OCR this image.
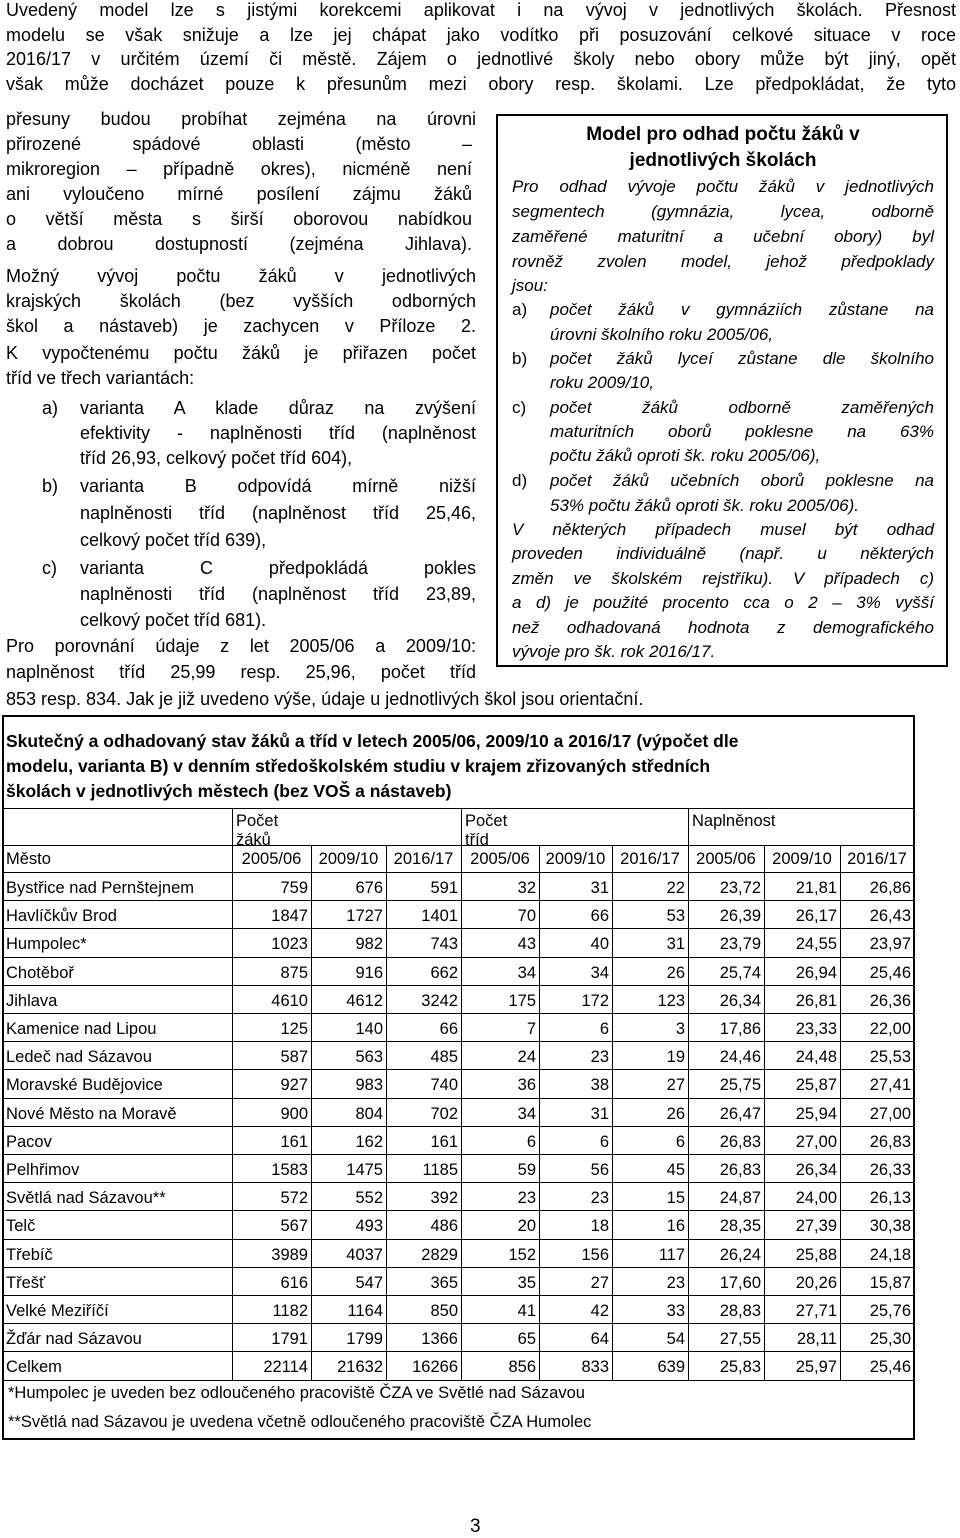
Uvedený model lze s jistými korekcemi aplikovat i na vývoj v jednotlivých školách. Přesnost
modelu se však snižuje a lze jej chápat jako vodítko při posuzování celkové situace v roce
2016/17 v určitém území či městě. Zájem o jednotlivé školy nebo obory může být jiný, opět
však může docházet pouze k přesunům mezi obory resp. školami. Lze předpokládat, že tyto
přesuny budou probíhat zejména na úrovni
přirozené spádové oblasti (město –
mikroregion – případně okres), nicméně není
ani vyloučeno mírné posílení zájmu žáků
o větší města s širší oborovou nabídkou
a dobrou dostupností (zejména Jihlava).
Možný vývoj počtu žáků v jednotlivých
krajských školách (bez vyšších odborných
škol a nástaveb) je zachycen v Příloze 2.
K vypočtenému počtu žáků je přiřazen počet
tříd ve třech variantách:
a) varianta A klade důraz na zvýšení
efektivity - naplněnosti tříd (naplněnost
tříd 26,93, celkový počet tříd 604),
b) varianta B odpovídá mírně nižší
naplněnosti tříd (naplněnost tříd 25,46,
celkový počet tříd 639),
c) varianta C předpokládá pokles
naplněnosti tříd (naplněnost tříd 23,89,
celkový počet tříd 681).
Pro porovnání údaje z let 2005/06 a 2009/10:
naplněnost tříd 25,99 resp. 25,96, počet tříd
853 resp. 834. Jak je již uvedeno výše, údaje u jednotlivých škol jsou orientační.
Model pro odhad počtu žáků v
jednotlivých školách
Pro odhad vývoje počtu žáků v jednotlivých
segmentech (gymnázia, lycea, odborně
zaměřené maturitní a učební obory) byl
rovněž zvolen model, jehož předpoklady
jsou:
a) počet žáků v gymnáziích zůstane na
úrovni školního roku 2005/06,
b) počet žáků lyceí zůstane dle školního
roku 2009/10,
c) počet žáků odborně zaměřených
maturitních oborů poklesne na 63%
počtu žáků oproti šk. roku 2005/06),
d) počet žáků učebních oborů poklesne na
53% počtu žáků oproti šk. roku 2005/06).
V některých případech musel být odhad
proveden individuálně (např. u některých
změn ve školském rejstříku). V případech c)
a d) je použité procento cca o 2 – 3% vyšší
než odhadovaná hodnota z demografického
vývoje pro šk. rok 2016/17.
Skutečný a odhadovaný stav žáků a tříd v letech 2005/06, 2009/10 a 2016/17 (výpočet dle
modelu, varianta B) v denním středoškolském studiu v krajem zřizovaných středních
školách v jednotlivých městech (bez VOŠ a nástaveb)
Počet žáků
Počet tříd
Naplněnost
Město	2005/06	2009/10 2016/17	2005/06 2009/10 2016/17 2005/06 2009/10 2016/17
Bystřice nad Pernštejnem	759	676	591	32	31	22	23,72	21,81	26,86
Havlíčkův Brod	1847	1727	1401	70	66	53	26,39	26,17	26,43
Humpolec*	1023	982	743	43	40	31	23,79	24,55	23,97
Chotěboř	875	916	662	34	34	26	25,74	26,94	25,46
Jihlava	4610	4612	3242	175	172	123	26,34	26,81	26,36
Kamenice nad Lipou	125	140	66	7	6	3	17,86	23,33	22,00
Ledeč nad Sázavou	587	563	485	24	23	19	24,46	24,48	25,53
Moravské Budějovice	927	983	740	36	38	27	25,75	25,87	27,41
Nové Město na Moravě	900	804	702	34	31	26	26,47	25,94	27,00
Pacov	161	162	161	6	6	6	26,83	27,00	26,83
Pelhřimov	1583	1475	1185	59	56	45	26,83	26,34	26,33
Světlá nad Sázavou**	572	552	392	23	23	15	24,87	24,00	26,13
Telč	567	493	486	20	18	16	28,35	27,39	30,38
Třebíč	3989	4037	2829	152	156	117	26,24	25,88	24,18
Třešť	616	547	365	35	27	23	17,60	20,26	15,87
Velké Meziříčí	1182	1164	850	41	42	33	28,83	27,71	25,76
Žďár nad Sázavou	1791	1799	1366	65	64	54	27,55	28,11	25,30
Celkem	22114	21632	16266	856	833	639	25,83	25,97	25,46
*Humpolec je uveden bez odloučeného pracoviště ČZA ve Světlé nad Sázavou
**Světlá nad Sázavou je uvedena včetně odloučeného pracoviště ČZA Humolec
3
